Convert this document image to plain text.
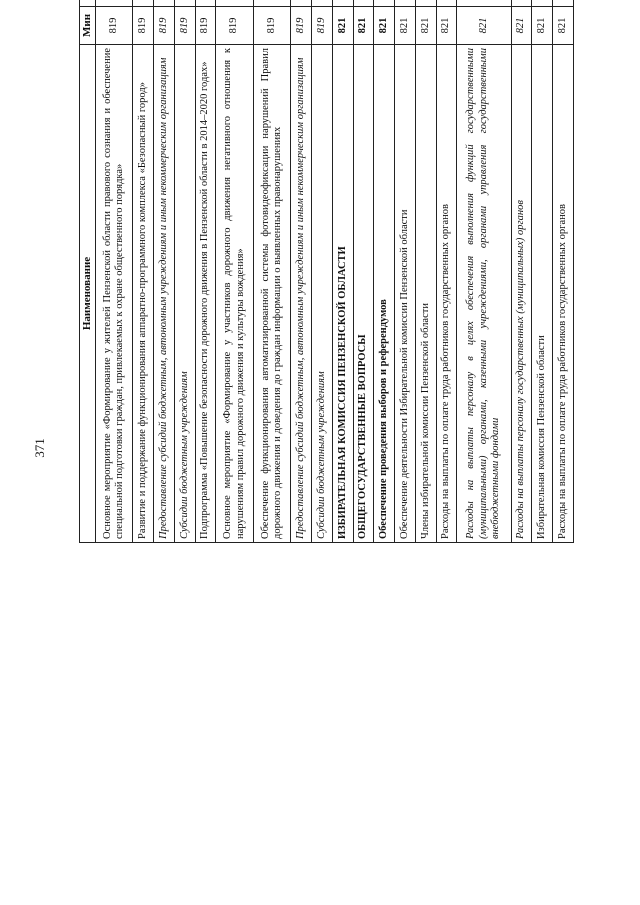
371
Наименование	Мин					
Основное мероприятие «Формирование у жителей Пензенской области правового сознания и обеспечение специальной подготовки граждан, привлекаемых к охране общественного порядка»	819					
Развитие и поддержание функционирования аппаратно-программного комплекса «Безопасный город»	819					
Предоставление субсидий бюджетным, автономным учреждениям и иным некоммерческим организациям	819					
Субсидии бюджетным учреждениям	819					
Подпрограмма «Повышение безопасности дорожного движения в Пензенской области в 2014–2020 годах»	819					
Основное мероприятие «Формирование у участников дорожного движения негативного отношения к нарушениям правил дорожного движения и культуры вождения»	819					
Обеспечение функционирования автоматизированной системы фотовидеофиксации нарушений Правил дорожного движения и доведения до граждан информации о выявленных правонарушениях	819					
Предоставление субсидий бюджетным, автономным учреждениям и иным некоммерческим организациям	819					
Субсидии бюджетным учреждениям	819					
ИЗБИРАТЕЛЬНАЯ КОМИССИЯ ПЕНЗЕНСКОЙ ОБЛАСТИ	821					
ОБЩЕГОСУДАРСТВЕННЫЕ ВОПРОСЫ	821					
Обеспечение проведения выборов и референдумов	821					
Обеспечение деятельности Избирательной комиссии Пензенской области	821					
Члены избирательной комиссии Пензенской области	821					
Расходы на выплаты по оплате труда работников государственных органов	821					
Расходы на выплаты персоналу в целях обеспечения выполнения функций государственными (муниципальными) органами, казенными учреждениями, органами управления государственными внебюджетными фондами	821					
Расходы на выплаты персоналу государственных (муниципальных) органов	821					
Избирательная комиссия Пензенской области	821					
Расходы на выплаты по оплате труда работников государственных органов	821					
